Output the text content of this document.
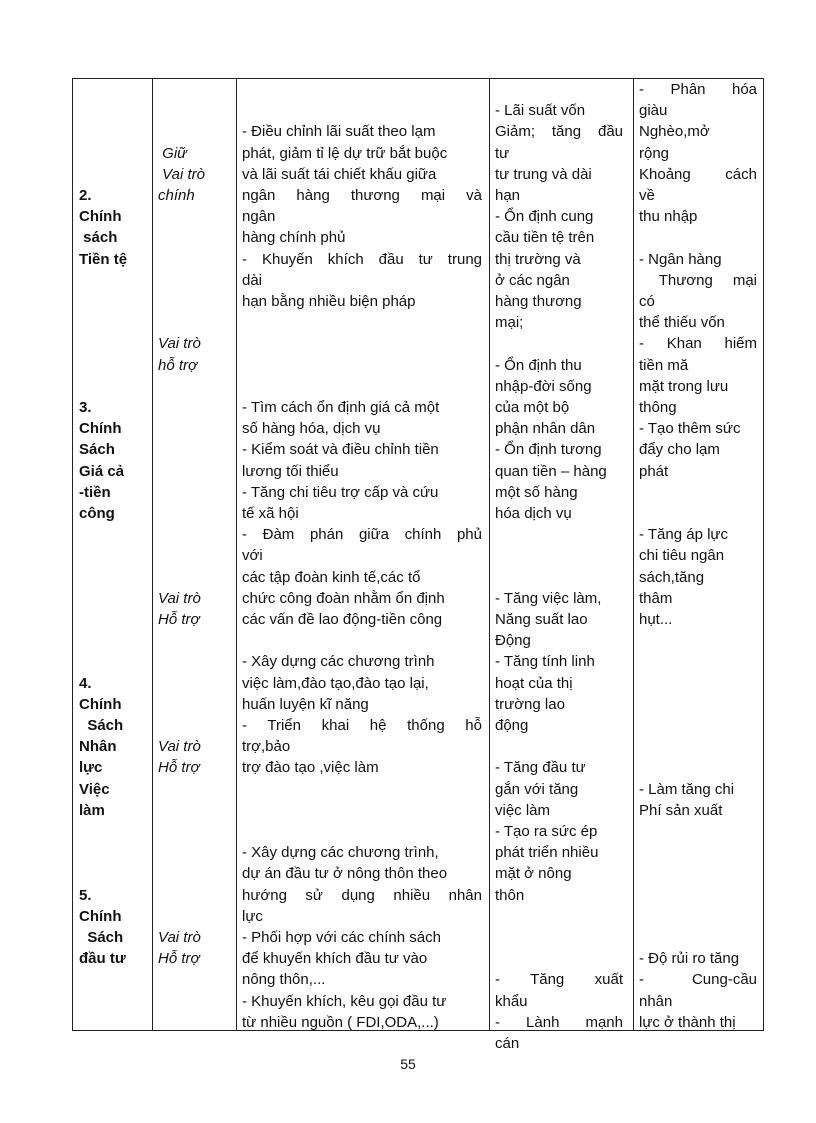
2.
Chính
sách
Tiền tệ
3.
Chính
Sách
Giá cả
-tiền
công
4.
Chính
Sách
Nhân
lực
Việc
làm
5.
Chính
Sách
đầu tư
Giữ
Vai trò
chính
Vai trò
hỗ trợ
Vai trò
Hỗ trợ
Vai trò
Hỗ trợ
Vai trò
Hỗ trợ
- Điều chỉnh lãi suất theo lạm
phát, giảm tỉ lệ dự trữ bắt buộc
và lãi suất tái chiết khấu giữa
ngân hàng thương mại và
ngân
hàng chính phủ
- Khuyến khích đầu tư trung
dài
hạn bằng nhiều biện pháp
- Tìm cách ổn định giá cả một
số hàng hóa, dịch vụ
- Kiểm soát và điều chỉnh tiền
lương tối thiểu
- Tăng chi tiêu trợ cấp và cứu
tế xã hội
- Đàm phán giữa chính phủ
với
các tập đoàn kinh tế,các tổ
chức công đoàn nhằm ổn định
các vấn đề lao động-tiền công
- Xây dựng các chương trình
việc làm,đào tạo,đào tạo lại,
huấn luyện kĩ năng
- Triển khai hệ thống hỗ
trợ,bảo
trợ đào tạo ,việc làm
- Xây dựng các chương trình,
dự án đầu tư ở nông thôn theo
hướng sử dụng nhiều nhân
lực
- Phối hợp với các chính sách
để khuyến khích đầu tư vào
nông thôn,...
- Khuyến khích, kêu gọi đầu tư
từ nhiều nguồn ( FDI,ODA,...)
- Lãi suất vốn
Giảm; tăng đầu
tư
tư trung và dài
hạn
- Ổn định cung
cầu tiền tệ trên
thị trường và
ở các ngân
hàng thương
mại;
- Ổn định thu
nhập-đời sống
của một bộ
phận nhân dân
- Ổn định tương
quan tiền – hàng
một số hàng
hóa dịch vụ
- Tăng việc làm,
Năng suất lao
Động
- Tăng tính linh
hoạt của thị
trường lao
động
- Tăng đầu tư
gắn với tăng
việc làm
- Tạo ra sức ép
phát triển nhiều
mặt ở nông
thôn
- Tăng xuất
khẩu
- Lành mạnh
cán
- Phân hóa
giàu
Nghèo,mở
rộng
Khoảng cách
về
thu nhập
- Ngân hàng
Thương mại
có
thể thiếu vốn
- Khan hiếm
tiền mă
mặt trong lưu
thông
- Tạo thêm sức
đẩy cho lạm
phát
- Tăng áp lực
chi tiêu ngân
sách,tăng
thâm
hụt...
- Làm tăng chi
Phí sản xuất
- Độ rủi ro tăng
- Cung-cầu
nhân
lực ở thành thị
55
